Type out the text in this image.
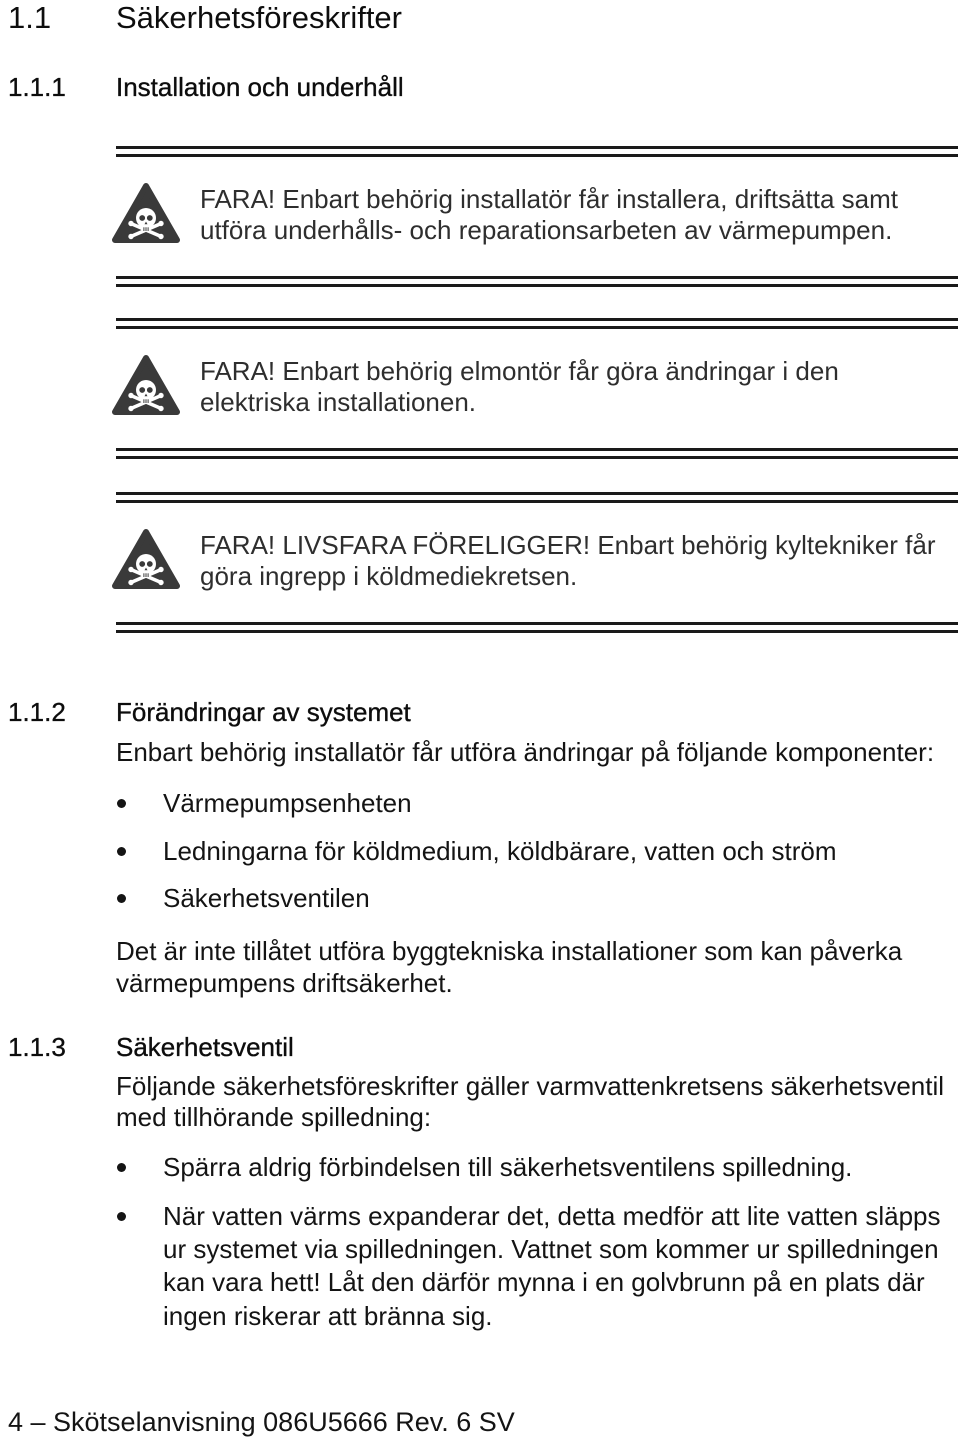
1.1 Säkerhetsföreskrifter
1.1.1 Installation och underhåll
FARA! Enbart behörig installatör får installera, driftsätta samt
utföra underhålls- och reparationsarbeten av värmepumpen.
FARA! Enbart behörig elmontör får göra ändringar i den
elektriska installationen.
FARA! LIVSFARA FÖRELIGGER! Enbart behörig kyltekniker får
göra ingrepp i köldmediekretsen.
1.1.2 Förändringar av systemet
Enbart behörig installatör får utföra ändringar på följande komponenter:
Värmepumpsenheten
Ledningarna för köldmedium, köldbärare, vatten och ström
Säkerhetsventilen
Det är inte tillåtet utföra byggtekniska installationer som kan påverka
värmepumpens driftsäkerhet.
1.1.3 Säkerhetsventil
Följande säkerhetsföreskrifter gäller varmvattenkretsens säkerhetsventil
med tillhörande spilledning:
Spärra aldrig förbindelsen till säkerhetsventilens spilledning.
När vatten värms expanderar det, detta medför att lite vatten släpps
ur systemet via spilledningen. Vattnet som kommer ur spilledningen
kan vara hett! Låt den därför mynna i en golvbrunn på en plats där
ingen riskerar att bränna sig.
4 – Skötselanvisning 086U5666 Rev. 6 SV
